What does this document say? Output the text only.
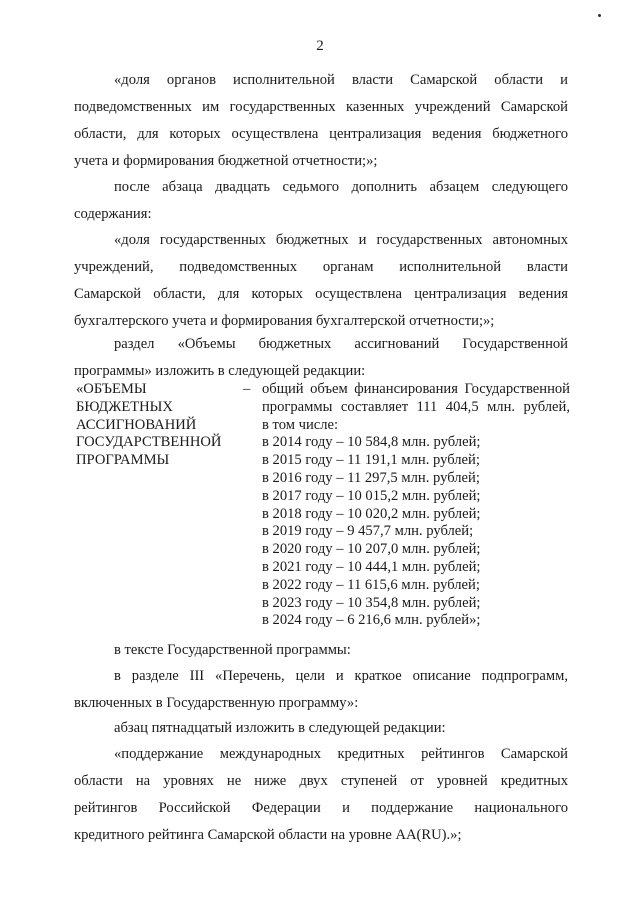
2
«доля органов исполнительной власти Самарской области и
подведомственных им государственных казенных учреждений Самарской
области, для которых осуществлена централизация ведения бюджетного
учета и формирования бюджетной отчетности;»;
после абзаца двадцать седьмого дополнить абзацем следующего
содержания:
«доля государственных бюджетных и государственных автономных
учреждений, подведомственных органам исполнительной власти
Самарской области, для которых осуществлена централизация ведения
бухгалтерского учета и формирования бухгалтерской отчетности;»;
раздел «Объемы бюджетных ассигнований Государственной
программы» изложить в следующей редакции:
«ОБЪЕМЫ
БЮДЖЕТНЫХ
АССИГНОВАНИЙ
ГОСУДАРСТВЕННОЙ
ПРОГРАММЫ
– общий объем финансирования Государственной
программы составляет 111 404,5 млн. рублей,
в том числе:
в 2014 году – 10 584,8 млн. рублей;
в 2015 году – 11 191,1 млн. рублей;
в 2016 году – 11 297,5 млн. рублей;
в 2017 году – 10 015,2 млн. рублей;
в 2018 году – 10 020,2 млн. рублей;
в 2019 году – 9 457,7 млн. рублей;
в 2020 году – 10 207,0 млн. рублей;
в 2021 году – 10 444,1 млн. рублей;
в 2022 году – 11 615,6 млн. рублей;
в 2023 году – 10 354,8 млн. рублей;
в 2024 году – 6 216,6 млн. рублей»;
в тексте Государственной программы:
в разделе III «Перечень, цели и краткое описание подпрограмм,
включенных в Государственную программу»:
абзац пятнадцатый изложить в следующей редакции:
«поддержание международных кредитных рейтингов Самарской
области на уровнях не ниже двух ступеней от уровней кредитных
рейтингов Российской Федерации и поддержание национального
кредитного рейтинга Самарской области на уровне AA(RU).»;
